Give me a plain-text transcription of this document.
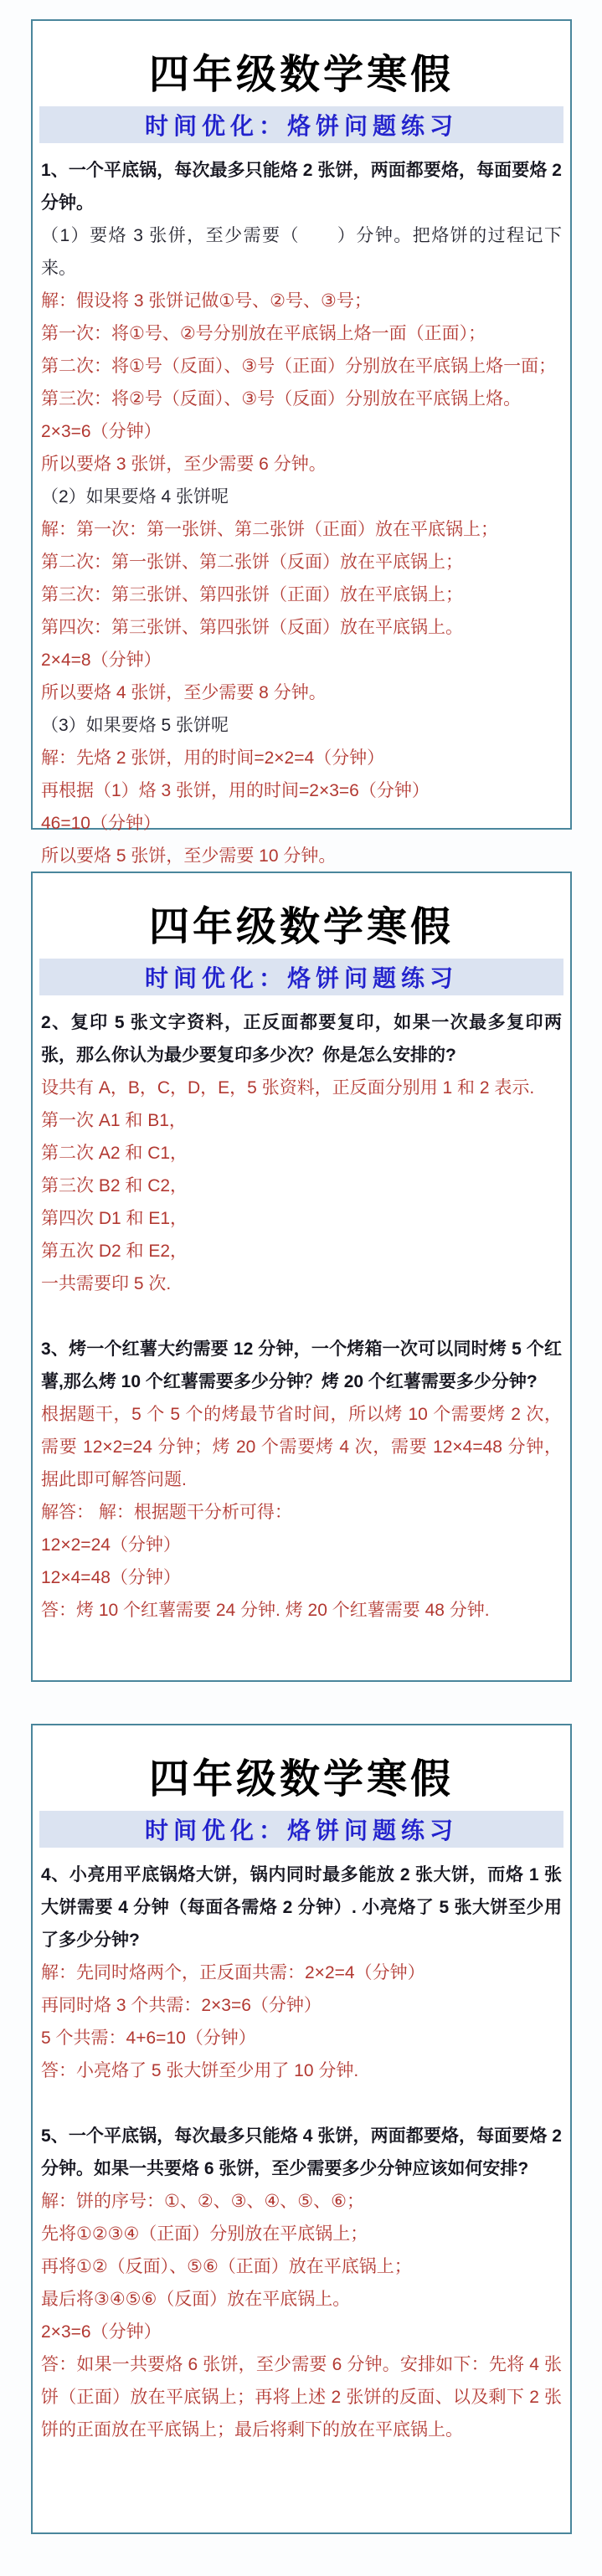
四年级数学寒假
时间优化：烙饼问题练习

1、一个平底锅，每次最多只能烙 2 张饼，两面都要烙，每面要烙 2 分钟。

（1）要烙 3 张併，至少需要（　　）分钟。把烙饼的过程记下来。

解：假设将 3 张饼记做①号、②号、③号；

第一次：将①号、②号分别放在平底锅上烙一面（正面）；

第二次：将①号（反面）、③号（正面）分别放在平底锅上烙一面；

第三次：将②号（反面）、③号（反面）分别放在平底锅上烙。

2×3=6（分钟）

所以要烙 3 张饼，至少需要 6 分钟。

（2）如果要烙 4 张饼呢

解：第一次：第一张饼、第二张饼（正面）放在平底锅上；

第二次：第一张饼、第二张饼（反面）放在平底锅上；

第三次：第三张饼、第四张饼（正面）放在平底锅上；

第四次：第三张饼、第四张饼（反面）放在平底锅上。

2×4=8（分钟）

所以要烙 4 张饼，至少需要 8 分钟。

（3）如果要烙 5 张饼呢

解：先烙 2 张饼，用的时间=2×2=4（分钟）

再根据（1）烙 3 张饼，用的时间=2×3=6（分钟）

46=10（分钟）

所以要烙 5 张饼，至少需要 10 分钟。

四年级数学寒假
时间优化：烙饼问题练习

2、复印 5 张文字资料，正反面都要复印，如果一次最多复印两张，那么你认为最少要复印多少次？你是怎么安排的?

设共有 A，B，C，D，E，5 张资料，正反面分别用 1 和 2 表示.

第一次 A1 和 B1，

第二次 A2 和 C1，

第三次 B2 和 C2，

第四次 D1 和 E1，

第五次 D2 和 E2，

一共需要印 5 次.

3、烤一个红薯大约需要 12 分钟，一个烤箱一次可以同时烤 5 个红薯,那么烤 10 个红薯需要多少分钟？烤 20 个红薯需要多少分钟?

根据题干，5 个 5 个的烤最节省时间，所以烤 10 个需要烤 2 次，需要 12×2=24 分钟；烤 20 个需要烤 4 次，需要 12×4=48 分钟，据此即可解答问题.

解答： 解：根据题干分析可得：

12×2=24（分钟）

12×4=48（分钟）

答：烤 10 个红薯需要 24 分钟. 烤 20 个红薯需要 48 分钟.

四年级数学寒假
时间优化：烙饼问题练习

4、小亮用平底锅烙大饼，锅内同时最多能放 2 张大饼，而烙 1 张大饼需要 4 分钟（每面各需烙 2 分钟）. 小亮烙了 5 张大饼至少用了多少分钟?

解：先同时烙两个，正反面共需：2×2=4（分钟）

再同时烙 3 个共需：2×3=6（分钟）

5 个共需：4+6=10（分钟）

答：小亮烙了 5 张大饼至少用了 10 分钟.

5、一个平底锅，每次最多只能烙 4 张饼，两面都要烙，每面要烙 2 分钟。如果一共要烙 6 张饼，至少需要多少分钟应该如何安排?

解：饼的序号：①、②、③、④、⑤、⑥；

先将①②③④（正面）分别放在平底锅上；

再将①②（反面）、⑤⑥（正面）放在平底锅上；

最后将③④⑤⑥（反面）放在平底锅上。

2×3=6（分钟）

答：如果一共要烙 6 张饼，至少需要 6 分钟。安排如下：先将 4 张饼（正面）放在平底锅上；再将上述 2 张饼的反面、以及剩下 2 张饼的正面放在平底锅上；最后将剩下的放在平底锅上。
